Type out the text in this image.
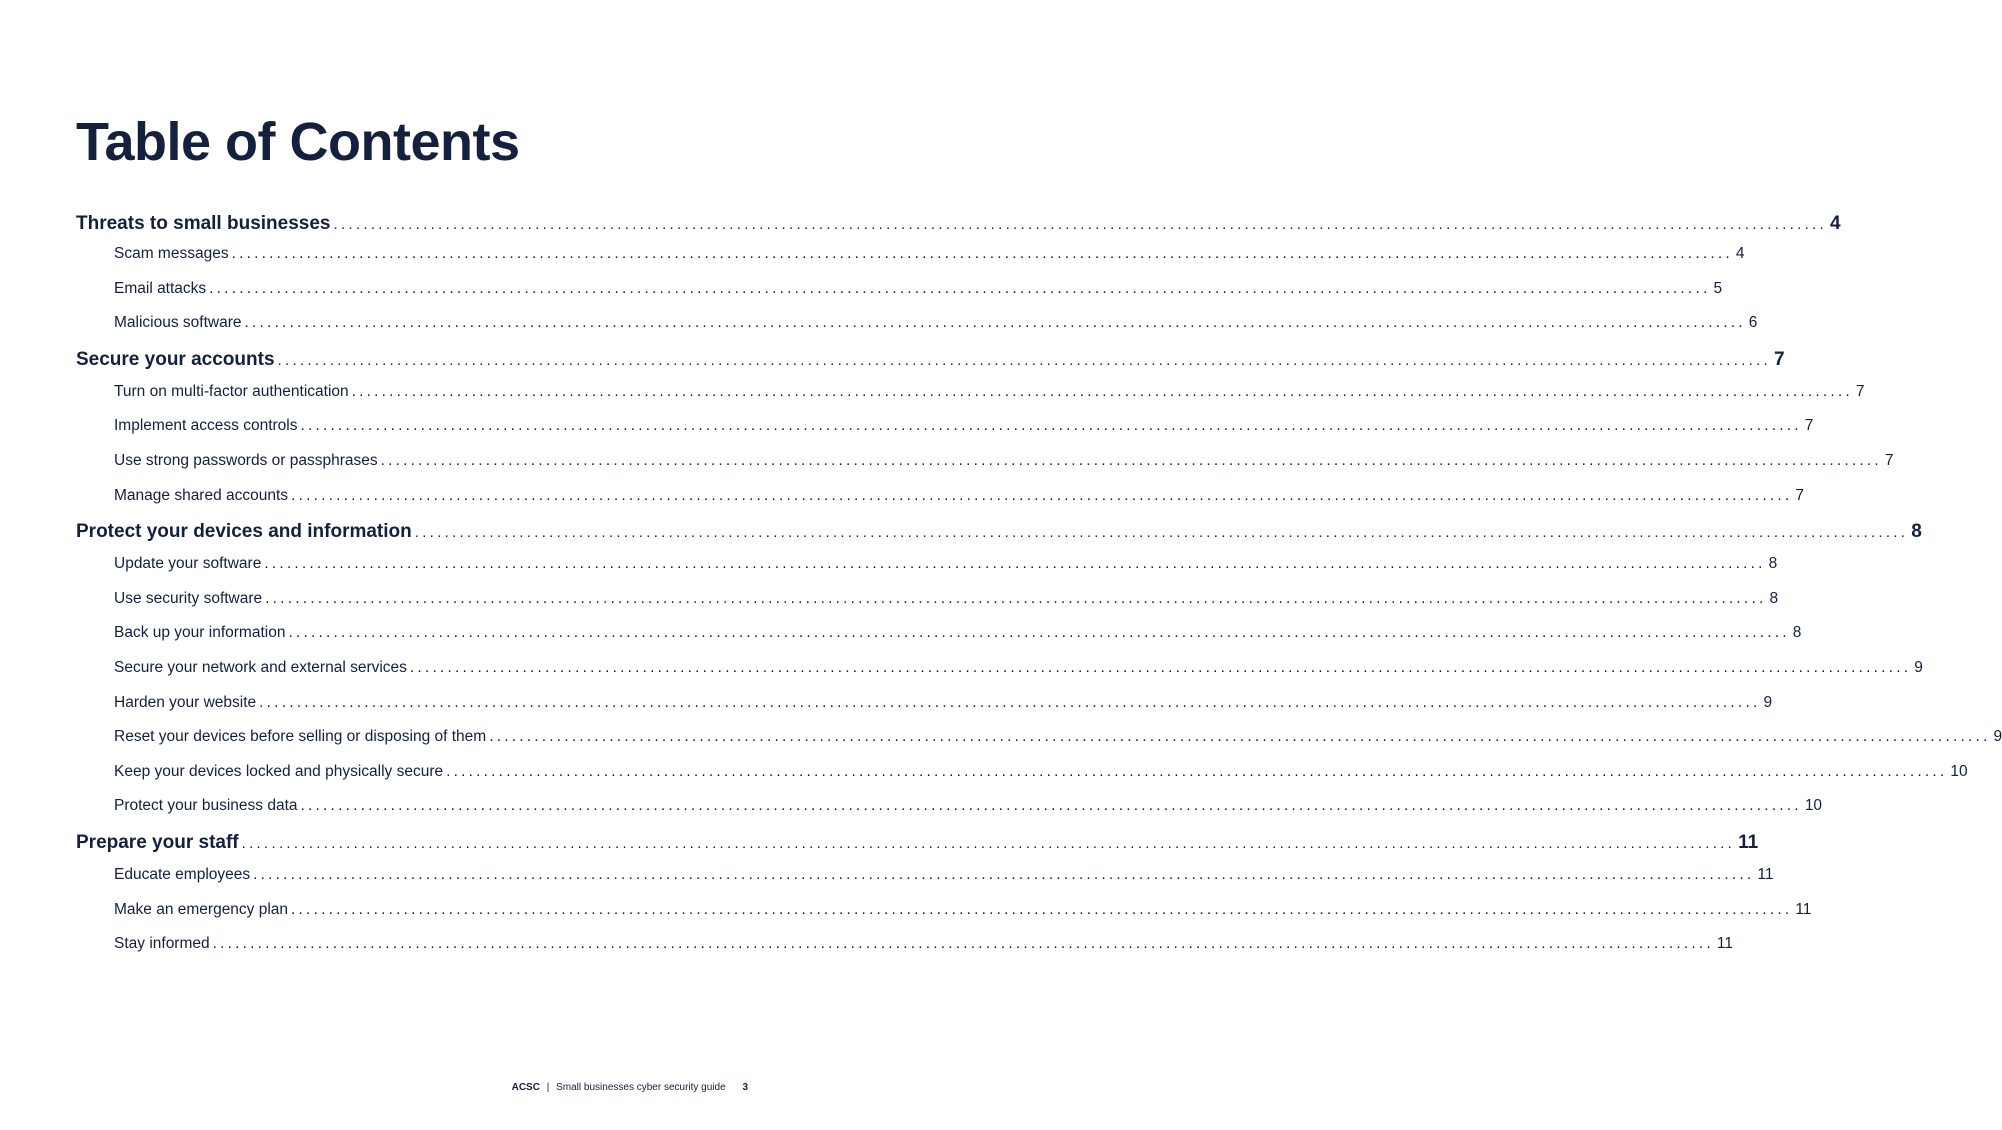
Table of Contents
Threats to small businesses ........................................................................................................................................................................................................ 4
Scam messages ........................................................................................................................................................................................................ 4
Email attacks ........................................................................................................................................................................................................ 5
Malicious software ........................................................................................................................................................................................................ 6
Secure your accounts ........................................................................................................................................................................................................ 7
Turn on multi-factor authentication ........................................................................................................................................................................................................ 7
Implement access controls ........................................................................................................................................................................................................ 7
Use strong passwords or passphrases ........................................................................................................................................................................................................ 7
Manage shared accounts ........................................................................................................................................................................................................ 7
Protect your devices and information ........................................................................................................................................................................................................ 8
Update your software ........................................................................................................................................................................................................ 8
Use security software ........................................................................................................................................................................................................ 8
Back up your information ........................................................................................................................................................................................................ 8
Secure your network and external services ........................................................................................................................................................................................................ 9
Harden your website ........................................................................................................................................................................................................ 9
Reset your devices before selling or disposing of them ........................................................................................................................................................................................................ 9
Keep your devices locked and physically secure ........................................................................................................................................................................................................ 10
Protect your business data ........................................................................................................................................................................................................ 10
Prepare your staff ........................................................................................................................................................................................................ 11
Educate employees ........................................................................................................................................................................................................ 11
Make an emergency plan ........................................................................................................................................................................................................ 11
Stay informed ........................................................................................................................................................................................................ 11
ACSC | Small businesses cyber security guide 3
